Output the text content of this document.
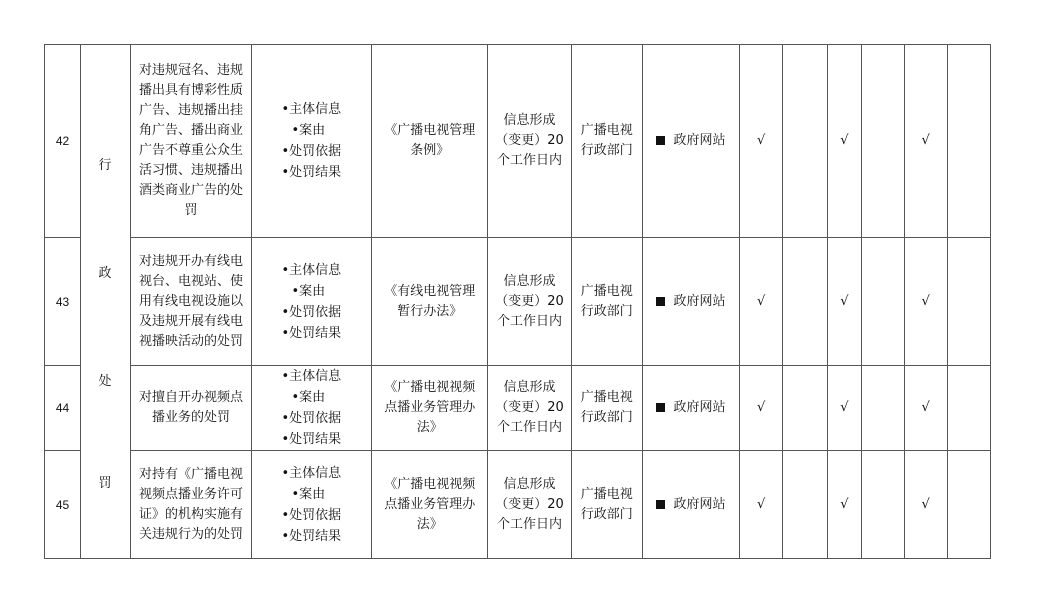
42		对违规冠名、违规播出具有博彩性质广告、违规播出挂角广告、播出商业广告不尊重公众生活习惯、违规播出酒类商业广告的处罚	•主体信息
•案由
•处罚依据
•处罚结果	《广播电视管理条例》	信息形成（变更）20个工作日内	广播电视行政部门	政府网站	√		√		√	
43		对违规开办有线电视台、电视站、使用有线电视设施以及违规开展有线电视播映活动的处罚	•主体信息
•案由
•处罚依据
•处罚结果	《有线电视管理暂行办法》	信息形成（变更）20个工作日内	广播电视行政部门	政府网站	√		√		√	
44		对擅自开办视频点播业务的处罚	•主体信息
•案由
•处罚依据
•处罚结果	《广播电视视频点播业务管理办法》	信息形成（变更）20个工作日内	广播电视行政部门	政府网站	√		√		√	
45		对持有《广播电视视频点播业务许可证》的机构实施有关违规行为的处罚	•主体信息
•案由
•处罚依据
•处罚结果	《广播电视视频点播业务管理办法》	信息形成（变更）20个工作日内	广播电视行政部门	政府网站	√		√		√	
行
政
处
罚
